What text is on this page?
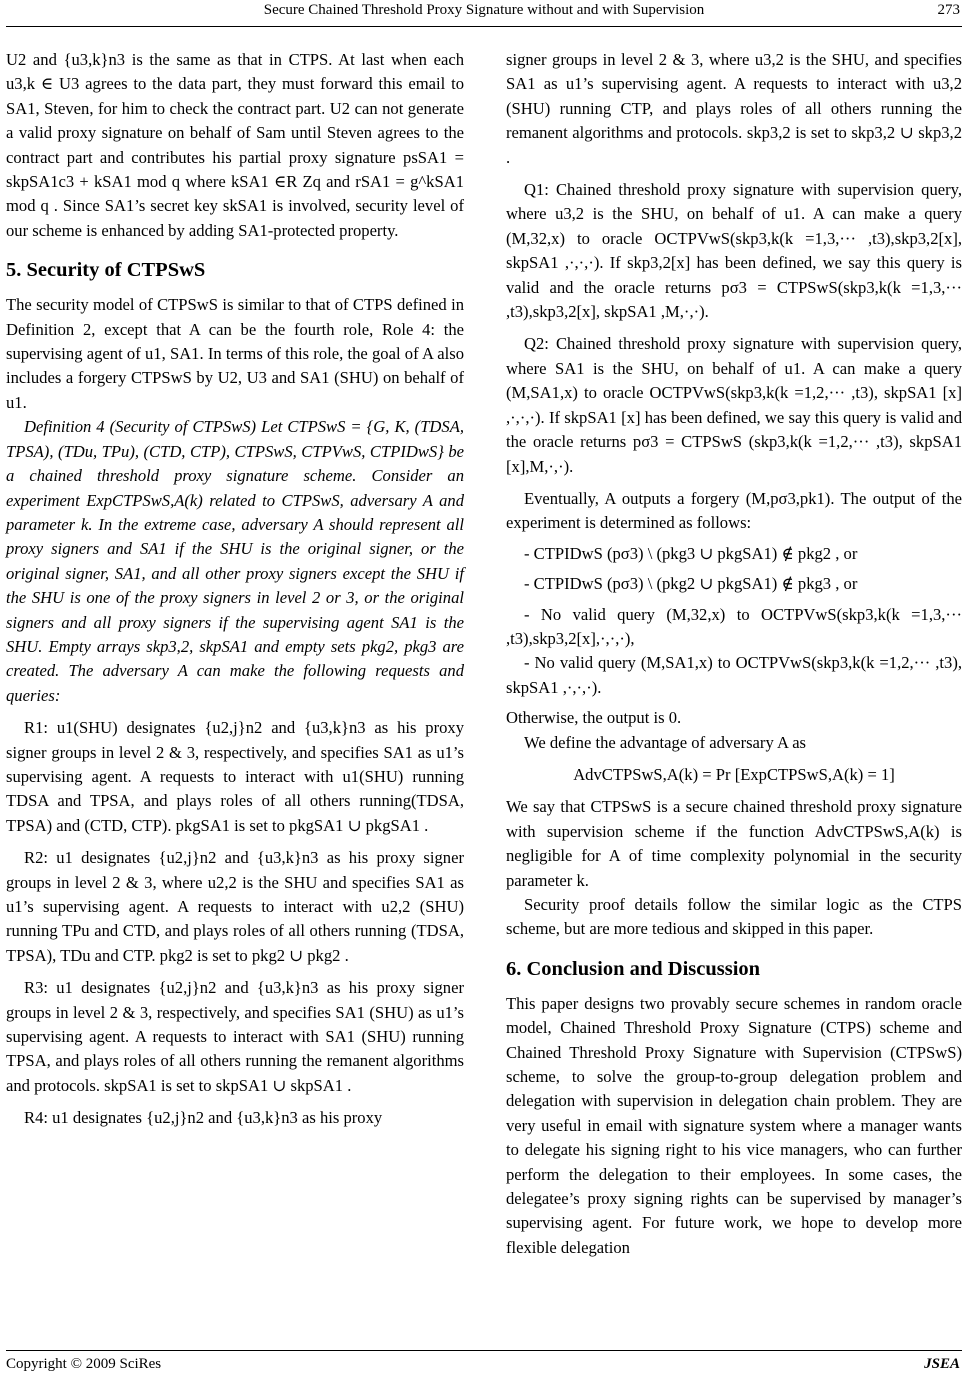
Secure Chained Threshold Proxy Signature without and with Supervision	273

U2 and {u3,k}n3 is the same as that in CTPS. At last when each u3,k ∈ U3 agrees to the data part, they must forward this email to SA1, Steven, for him to check the contract part. U2 can not generate a valid proxy signature on behalf of Sam until Steven agrees to the contract part and contributes his partial proxy signature psSA1 = skpSA1c3 + kSA1 mod q where kSA1 ∈R Zq and rSA1 = g^kSA1 mod q . Since SA1’s secret key skSA1 is involved, security level of our scheme is enhanced by adding SA1-protected property.

5. Security of CTPSwS

The security model of CTPSwS is similar to that of CTPS defined in Definition 2, except that A can be the fourth role, Role 4: the supervising agent of u1, SA1. In terms of this role, the goal of A also includes a forgery CTPSwS by U2, U3 and SA1 (SHU) on behalf of u1.

Definition 4 (Security of CTPSwS) Let CTPSwS = {G, K, (TDSA, TPSA), (TDu, TPu), (CTD, CTP), CTPSwS, CTPVwS, CTPIDwS} be a chained threshold proxy signature scheme. Consider an experiment ExpCTPSwS,A(k) related to CTPSwS, adversary A and parameter k. In the extreme case, adversary A should represent all proxy signers and SA1 if the SHU is the original signer, or the original signer, SA1, and all other proxy signers except the SHU if the SHU is one of the proxy signers in level 2 or 3, or the original signers and all proxy signers if the supervising agent SA1 is the SHU. Empty arrays skp3,2, skpSA1 and empty sets pkg2, pkg3 are created. The adversary A can make the following requests and queries:

R1: u1(SHU) designates {u2,j}n2 and {u3,k}n3 as his proxy signer groups in level 2 & 3, respectively, and specifies SA1 as u1’s supervising agent. A requests to interact with u1(SHU) running TDSA and TPSA, and plays roles of all others running(TDSA, TPSA) and (CTD, CTP). pkgSA1 is set to pkgSA1 ∪ pkgSA1 .

R2: u1 designates {u2,j}n2 and {u3,k}n3 as his proxy signer groups in level 2 & 3, where u2,2 is the SHU and specifies SA1 as u1’s supervising agent. A requests to interact with u2,2 (SHU) running TPu and CTD, and plays roles of all others running (TDSA, TPSA), TDu and CTP. pkg2 is set to pkg2 ∪ pkg2 .

R3: u1 designates {u2,j}n2 and {u3,k}n3 as his proxy signer groups in level 2 & 3, respectively, and specifies SA1 (SHU) as u1’s supervising agent. A requests to interact with SA1 (SHU) running TPSA, and plays roles of all others running the remanent algorithms and protocols. skpSA1 is set to skpSA1 ∪ skpSA1 .

R4: u1 designates {u2,j}n2 and {u3,k}n3 as his proxy

signer groups in level 2 & 3, where u3,2 is the SHU, and specifies SA1 as u1’s supervising agent. A requests to interact with u3,2 (SHU) running CTP, and plays roles of all others running the remanent algorithms and protocols. skp3,2 is set to skp3,2 ∪ skp3,2 .

Q1: Chained threshold proxy signature with supervision query, where u3,2 is the SHU, on behalf of u1. A can make a query (M,32,x) to oracle OCTPVwS(skp3,k(k =1,3,··· ,t3),skp3,2[x], skpSA1 ,·,·,·). If skp3,2[x] has been defined, we say this query is valid and the oracle returns pσ3 = CTPSwS(skp3,k(k =1,3,··· ,t3),skp3,2[x], skpSA1 ,M,·,·).

Q2: Chained threshold proxy signature with supervision query, where SA1 is the SHU, on behalf of u1. A can make a query (M,SA1,x) to oracle OCTPVwS(skp3,k(k =1,2,··· ,t3), skpSA1 [x] ,·,·,·). If skpSA1 [x] has been defined, we say this query is valid and the oracle returns pσ3 = CTPSwS (skp3,k(k =1,2,··· ,t3), skpSA1 [x],M,·,·).

Eventually, A outputs a forgery (M,pσ3,pk1). The output of the experiment is determined as follows:

- CTPIDwS (pσ3) \ (pkg3 ∪ pkgSA1) ∉ pkg2 , or

- CTPIDwS (pσ3) \ (pkg2 ∪ pkgSA1) ∉ pkg3 , or

- No valid query (M,32,x) to OCTPVwS(skp3,k(k =1,3,··· ,t3),skp3,2[x],·,·,·),

- No valid query (M,SA1,x) to OCTPVwS(skp3,k(k =1,2,··· ,t3), skpSA1 ,·,·,·).

Otherwise, the output is 0.

We define the advantage of adversary A as

AdvCTPSwS,A(k) = Pr [ExpCTPSwS,A(k) = 1]

We say that CTPSwS is a secure chained threshold proxy signature with supervision scheme if the function AdvCTPSwS,A(k) is negligible for A of time complexity polynomial in the security parameter k.

Security proof details follow the similar logic as the CTPS scheme, but are more tedious and skipped in this paper.

6. Conclusion and Discussion

This paper designs two provably secure schemes in random oracle model, Chained Threshold Proxy Signature (CTPS) scheme and Chained Threshold Proxy Signature with Supervision (CTPSwS) scheme, to solve the group-to-group delegation problem and delegation with supervision in delegation chain problem. They are very useful in email with signature system where a manager wants to delegate his signing right to his vice managers, who can further perform the delegation to their employees. In some cases, the delegatee’s proxy signing rights can be supervised by manager’s supervising agent. For future work, we hope to develop more flexible delegation

Copyright © 2009 SciRes	JSEA
